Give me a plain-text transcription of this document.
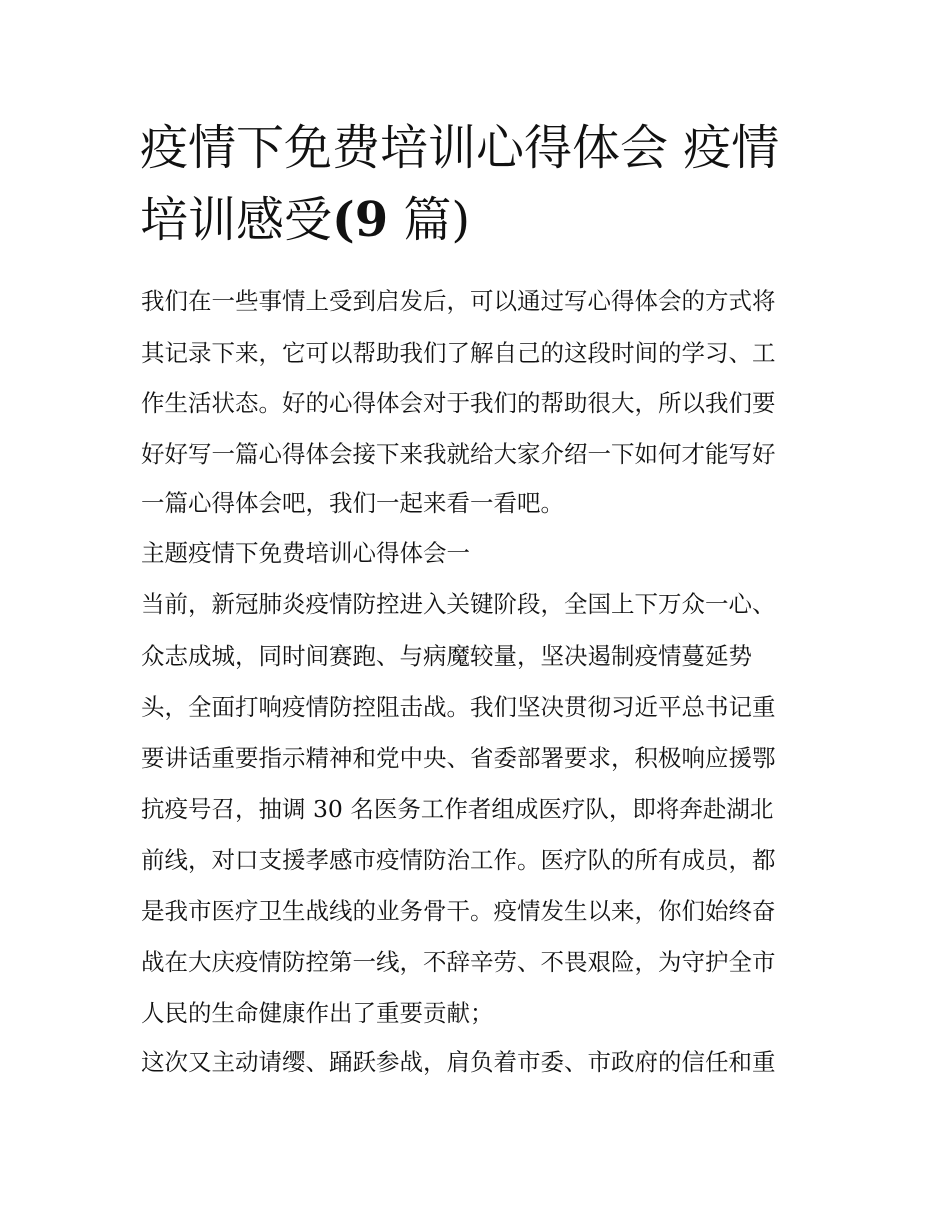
疫情下免费培训心得体会 疫情培训感受(9 篇)

我们在一些事情上受到启发后，可以通过写心得体会的方式将

其记录下来，它可以帮助我们了解自己的这段时间的学习、工

作生活状态。好的心得体会对于我们的帮助很大，所以我们要

好好写一篇心得体会接下来我就给大家介绍一下如何才能写好

一篇心得体会吧，我们一起来看一看吧。

主题疫情下免费培训心得体会一

当前，新冠肺炎疫情防控进入关键阶段，全国上下万众一心、

众志成城，同时间赛跑、与病魔较量，坚决遏制疫情蔓延势

头，全面打响疫情防控阻击战。我们坚决贯彻习近平总书记重

要讲话重要指示精神和党中央、省委部署要求，积极响应援鄂

抗疫号召，抽调 30 名医务工作者组成医疗队，即将奔赴湖北

前线，对口支援孝感市疫情防治工作。医疗队的所有成员，都

是我市医疗卫生战线的业务骨干。疫情发生以来，你们始终奋

战在大庆疫情防控第一线，不辞辛劳、不畏艰险，为守护全市

人民的生命健康作出了重要贡献；

这次又主动请缨、踊跃参战，肩负着市委、市政府的信任和重
